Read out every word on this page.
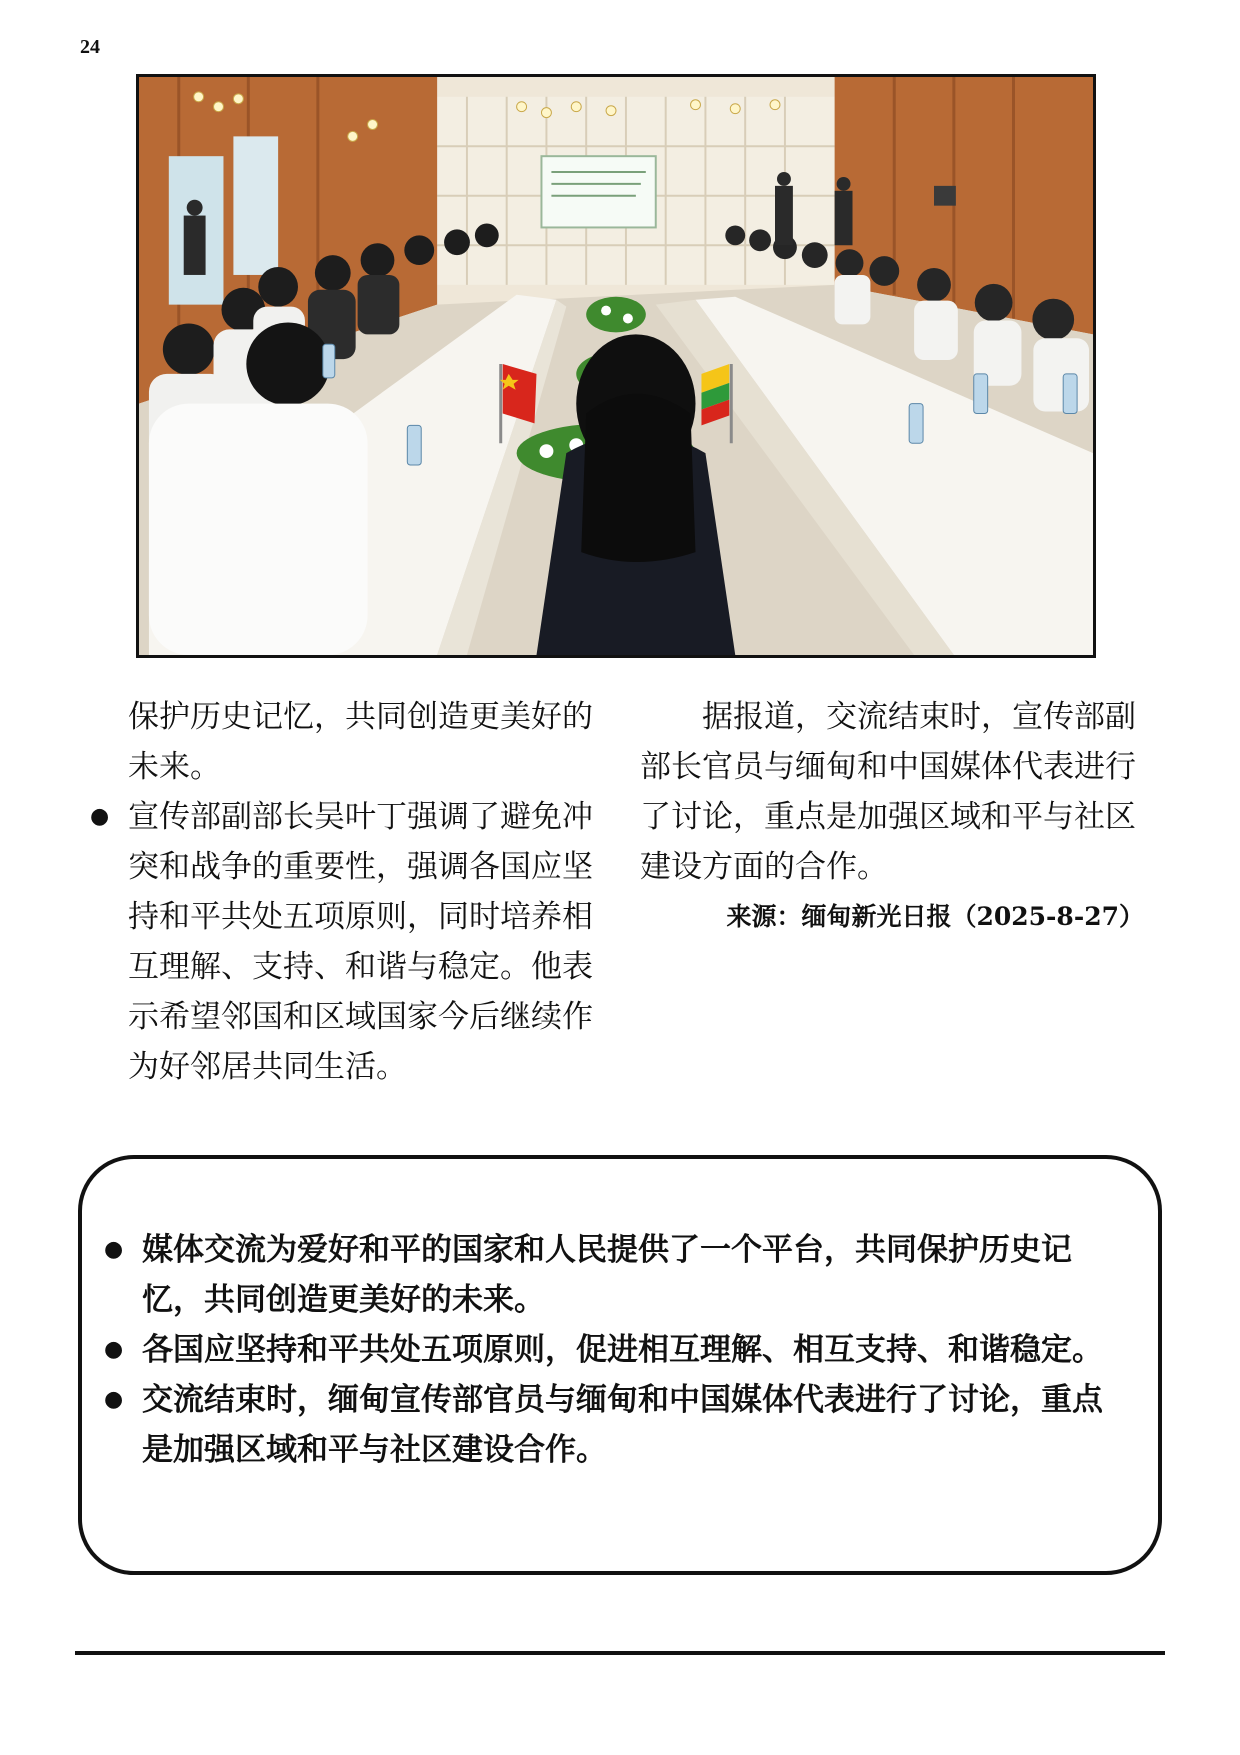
24

保护历史记忆，共同创造更美好的未来。

● 宣传部副部长吴叶丁强调了避免冲突和战争的重要性，强调各国应坚持和平共处五项原则，同时培养相互理解、支持、和谐与稳定。他表示希望邻国和区域国家今后继续作为好邻居共同生活。

据报道，交流结束时，宣传部副部长官员与缅甸和中国媒体代表进行了讨论，重点是加强区域和平与社区建设方面的合作。

来源：缅甸新光日报（2025-8-27）

● 媒体交流为爱好和平的国家和人民提供了一个平台，共同保护历史记忆，共同创造更美好的未来。
● 各国应坚持和平共处五项原则，促进相互理解、相互支持、和谐稳定。
● 交流结束时，缅甸宣传部官员与缅甸和中国媒体代表进行了讨论，重点是加强区域和平与社区建设合作。
